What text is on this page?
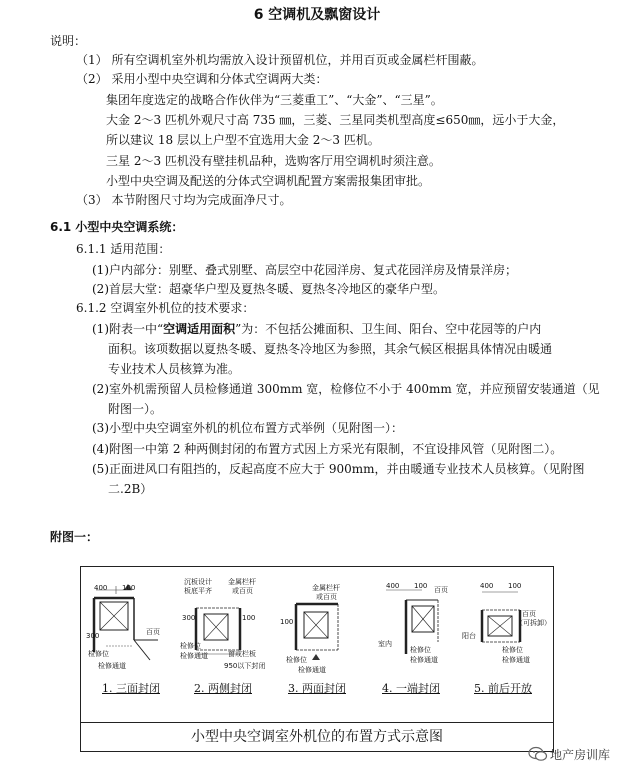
6 空调机及飘窗设计
说明：
（1） 所有空调机室外机均需放入设计预留机位，并用百页或金属栏杆围蔽。
（2） 采用小型中央空调和分体式空调两大类：
集团年度选定的战略合作伙伴为“三菱重工”、“大金”、“三星”。
大金 2～3 匹机外观尺寸高 735 ㎜，三菱、三星同类机型高度≤650㎜，远小于大金，
所以建议 18 层以上户型不宜选用大金 2～3 匹机。
三星 2～3 匹机没有壁挂机品种，选购客厅用空调机时须注意。
小型中央空调及配送的分体式空调机配置方案需报集团审批。
（3） 本节附图尺寸均为完成面净尺寸。
6.1 小型中央空调系统：
6.1.1 适用范围：
(1)户内部分：别墅、叠式别墅、高层空中花园洋房、复式花园洋房及情景洋房；
(2)首层大堂：超豪华户型及夏热冬暖、夏热冬冷地区的豪华户型。
6.1.2 空调室外机位的技术要求：
(1)附表一中“空调适用面积”为：不包括公摊面积、卫生间、阳台、空中花园等的户内
面积。该项数据以夏热冬暖、夏热冬冷地区为参照，其余气候区根据具体情况由暖通
专业技术人员核算为准。
(2)室外机需预留人员检修通道 300mm 宽，检修位不小于 400mm 宽，并应预留安装通道（见
附图一）。
(3)小型中央空调室外机的机位布置方式举例（见附图一）：
(4)附图一中第 2 种两侧封闭的布置方式因上方采光有限制，不宜设排风管（见附图二）。
(5)正面进风口有阻挡的，反起高度不应大于 900mm，并由暖通专业技术人员核算。（见附图
二.2B）
附图一：
小型中央空调室外机位的布置方式示意图
400 100
300	百页
检修位
检修通道
1. 三面封闭
沉板设计
板底平齐
金属栏杆
或百页
300	100
检修位
检修通道	窗或栏板
950以下封闭
2. 两侧封闭
金属栏杆
或百页
100
检修位
检修通道
3. 两面封闭
400 100 百页
室内
检修位
检修通道
4. 一端封闭
400 100
百页
（可拆卸）
阳台
检修位
检修通道
5. 前后开放
地产房训库
